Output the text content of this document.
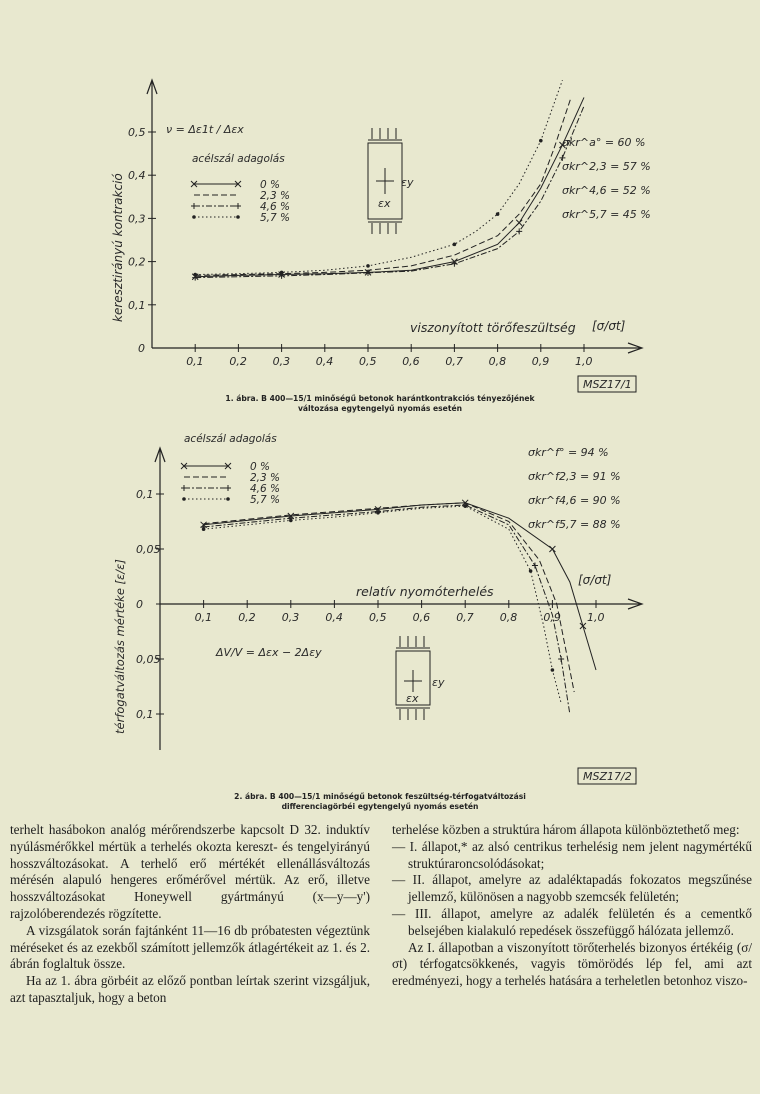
0
0,1 0,2 0,3 0,4 0,5 0,6 0,7 0,8 0,9 1,0
0,1
0,2
0,3
0,4
0,5
keresztirányú kontrakció
viszonyított törőfeszültség [σ/σt]
ν = Δε1t / Δεx
acélszál adagolás
0 %
2,3 %
4,6 %
5,7 %
εy
εx
σkr^a° = 60 %
σkr^2,3 = 57 %
σkr^4,6 = 52 %
σkr^5,7 = 45 %
MSZ17/1
1. ábra. B 400—15/1 minőségű betonok harántkontrakciós tényezőjének
változása egytengelyű nyomás esetén
0,1 0,2 0,3 0,4 0,5 0,6 0,7 0,8 0,9 1,0
0,1
0,05
0
0,05
0,1
térfogatváltozás mértéke [ε/ε]	relatív nyomóterhelés
[σ/σt]
acélszál adagolás
0 %
2,3 %
4,6 %
5,7 %
ΔV/V = Δεx − 2Δεy
εy
εx
σkr^f° = 94 %
σkr^f2,3 = 91 %
σkr^f4,6 = 90 %
σkr^f5,7 = 88 %
MSZ17/2
2. ábra. B 400—15/1 minőségű betonok feszültség-térfogatváltozási
differenciagörbéi egytengelyű nyomás esetén

terhelt hasábokon analóg mérőrendszerbe kapcsolt D 32. induktív nyúlásmérőkkel mértük a terhelés okozta kereszt- és tengelyirányú hosszváltozásokat. A terhelő erő mértékét ellenállásváltozás mérésén alapuló hengeres erőmérővel mértük. Az erő, illetve hosszváltozásokat Honeywell gyártmányú (x—y—y') rajzolóberendezés rögzítette.

A vizsgálatok során fajtánként 11—16 db próbatesten végeztünk méréseket és az ezekből számított jellemzők átlagértékeit az 1. és 2. ábrán foglaltuk össze.

Ha az 1. ábra görbéit az előző pontban leírtak szerint vizsgáljuk, azt tapasztaljuk, hogy a beton

terhelése közben a struktúra három állapota különböztethető meg:

— I. állapot,* az alsó centrikus terhelésig nem jelent nagymértékű struktúraroncsolódásokat;
— II. állapot, amelyre az adaléktapadás fokozatos megszűnése jellemző, különösen a nagyobb szemcsék felületén;
— III. állapot, amelyre az adalék felületén és a cementkő belsejében kialakuló repedések összefüggő hálózata jellemző.

Az I. állapotban a viszonyított törőterhelés bizonyos értékéig (σ/σt) térfogatcsökkenés, vagyis tömörödés lép fel, ami azt eredményezi, hogy a terhelés hatására a terheletlen betonhoz viszo-
